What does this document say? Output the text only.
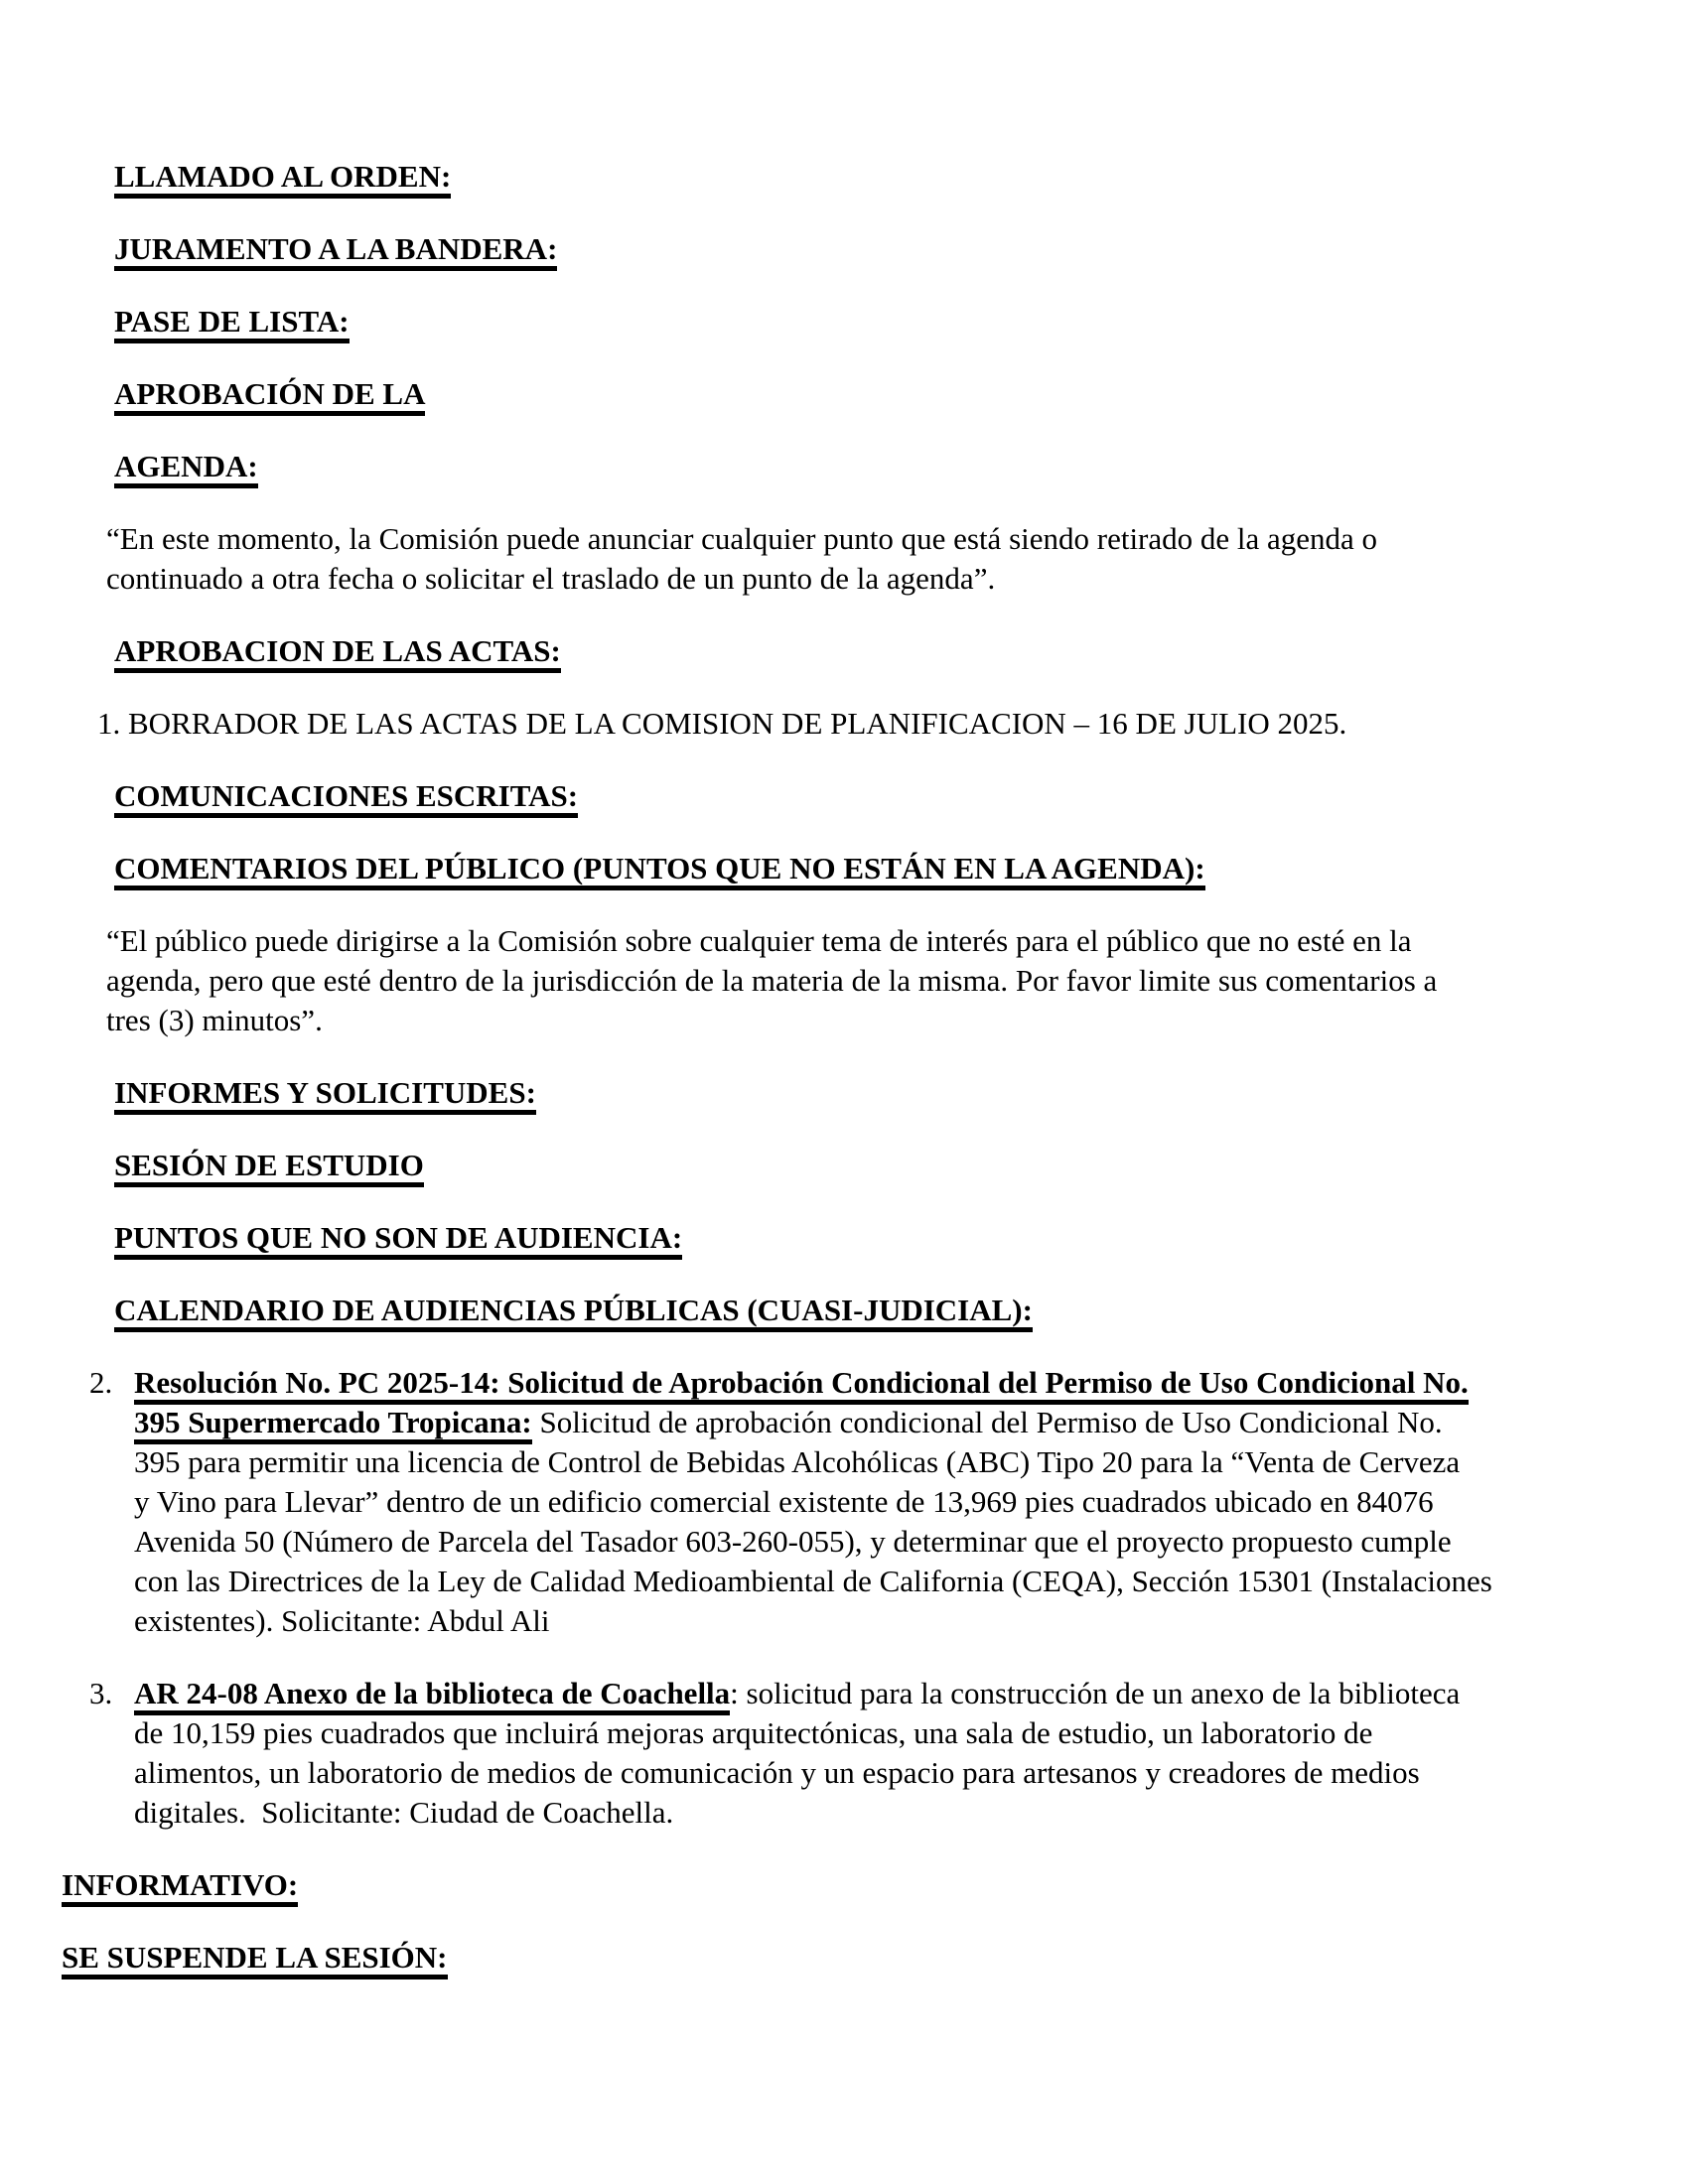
LLAMADO AL ORDEN:
JURAMENTO A LA BANDERA:
PASE DE LISTA:
APROBACIÓN DE LA
AGENDA:
“En este momento, la Comisión puede anunciar cualquier punto que está siendo retirado de la agenda o
continuado a otra fecha o solicitar el traslado de un punto de la agenda”.
APROBACION DE LAS ACTAS:
1. BORRADOR DE LAS ACTAS DE LA COMISION DE PLANIFICACION – 16 DE JULIO 2025.
COMUNICACIONES ESCRITAS:
COMENTARIOS DEL PÚBLICO (PUNTOS QUE NO ESTÁN EN LA AGENDA):
“El público puede dirigirse a la Comisión sobre cualquier tema de interés para el público que no esté en la
agenda, pero que esté dentro de la jurisdicción de la materia de la misma. Por favor limite sus comentarios a
tres (3) minutos”.
INFORMES Y SOLICITUDES:
SESIÓN DE ESTUDIO
PUNTOS QUE NO SON DE AUDIENCIA:
CALENDARIO DE AUDIENCIAS PÚBLICAS (CUASI-JUDICIAL):
2. Resolución No. PC 2025-14: Solicitud de Aprobación Condicional del Permiso de Uso Condicional No.
395 Supermercado Tropicana: Solicitud de aprobación condicional del Permiso de Uso Condicional No.
395 para permitir una licencia de Control de Bebidas Alcohólicas (ABC) Tipo 20 para la “Venta de Cerveza
y Vino para Llevar” dentro de un edificio comercial existente de 13,969 pies cuadrados ubicado en 84076
Avenida 50 (Número de Parcela del Tasador 603-260-055), y determinar que el proyecto propuesto cumple
con las Directrices de la Ley de Calidad Medioambiental de California (CEQA), Sección 15301 (Instalaciones
existentes). Solicitante: Abdul Ali
3. AR 24-08 Anexo de la biblioteca de Coachella: solicitud para la construcción de un anexo de la biblioteca
de 10,159 pies cuadrados que incluirá mejoras arquitectónicas, una sala de estudio, un laboratorio de
alimentos, un laboratorio de medios de comunicación y un espacio para artesanos y creadores de medios
digitales.  Solicitante: Ciudad de Coachella.
INFORMATIVO:
SE SUSPENDE LA SESIÓN:
